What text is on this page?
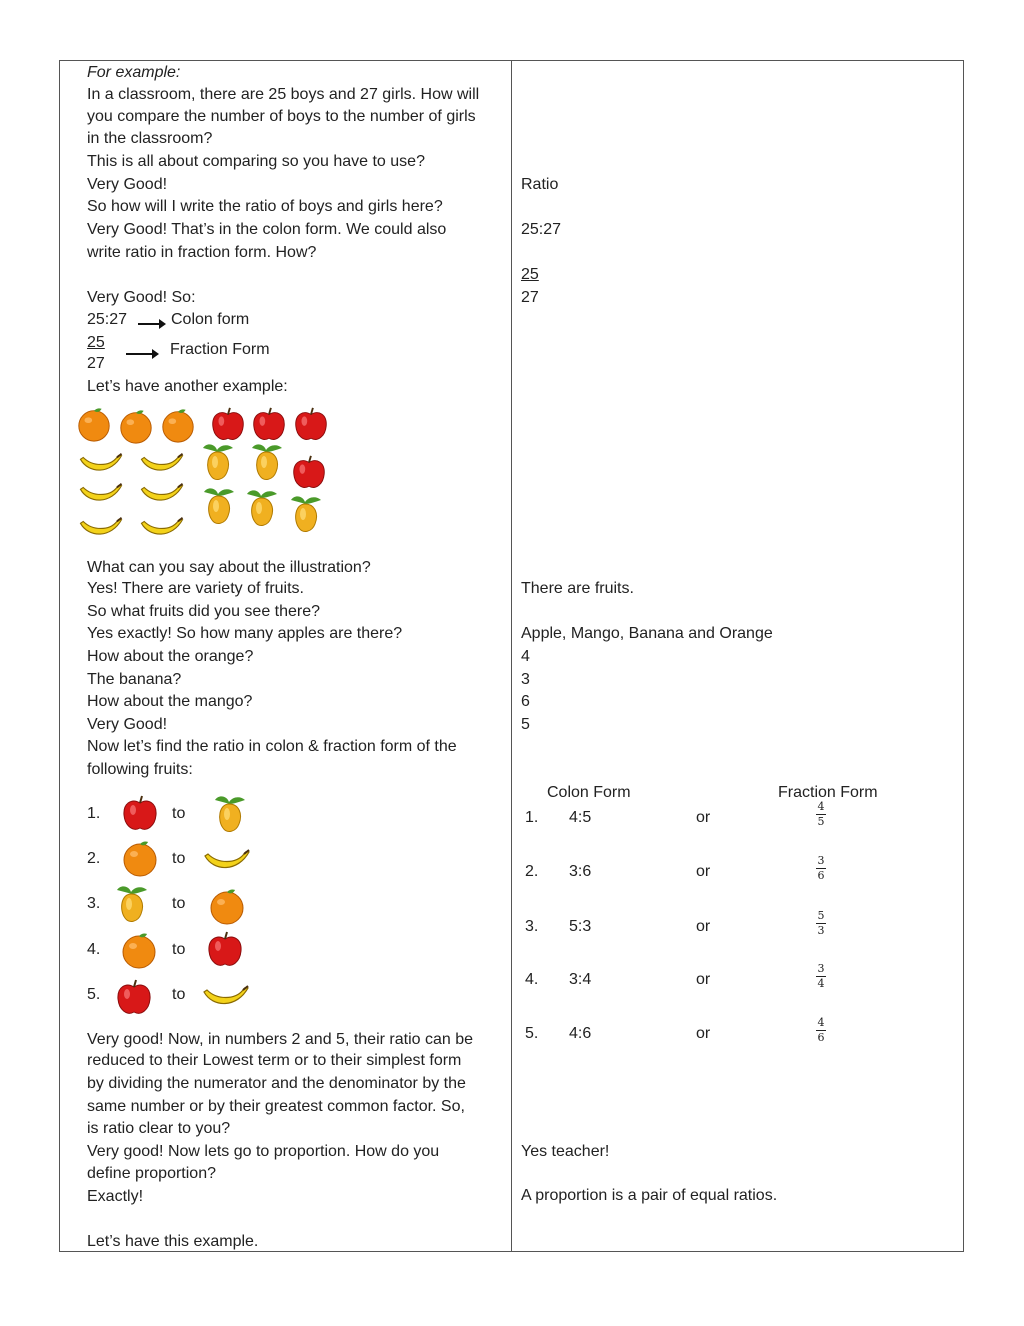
For example:
In a classroom, there are 25 boys and 27 girls. How will
you compare the number of boys to the number of girls
in the classroom?
This is all about comparing so you have to use?
Very Good!
So how will I write the ratio of boys and girls here?
Very Good! That’s in the colon form. We could also
write ratio in fraction form. How?
Very Good! So:
25:27	Colon form
25
27
Fraction Form
Let’s have another example:
What can you say about the illustration?
Yes! There are variety of fruits.
So what fruits did you see there?
Yes exactly! So how many apples are there?
How about the orange?
The banana?
How about the mango?
Very Good!
Now let’s find the ratio in colon & fraction form of the
following fruits:
1.	to
2.	to
3.	to
4.	to
5.	to
Very good! Now, in numbers 2 and 5, their ratio can be
reduced to their Lowest term or to their simplest form
by dividing the numerator and the denominator by the
same number or by their greatest common factor. So,
is ratio clear to you?
Very good! Now lets go to proportion. How do you
define proportion?
Exactly!
Let’s have this example.
Ratio
25:27
25
27
There are fruits.
Apple, Mango, Banana and Orange
4
3
6
5
Colon Form	Fraction Form
1. 4:5	or
4
5
2. 3:6	or
3
6
3. 5:3	or
5
3
4. 3:4	or
3
4
5. 4:6	or
4
6
Yes teacher!
A proportion is a pair of equal ratios.
